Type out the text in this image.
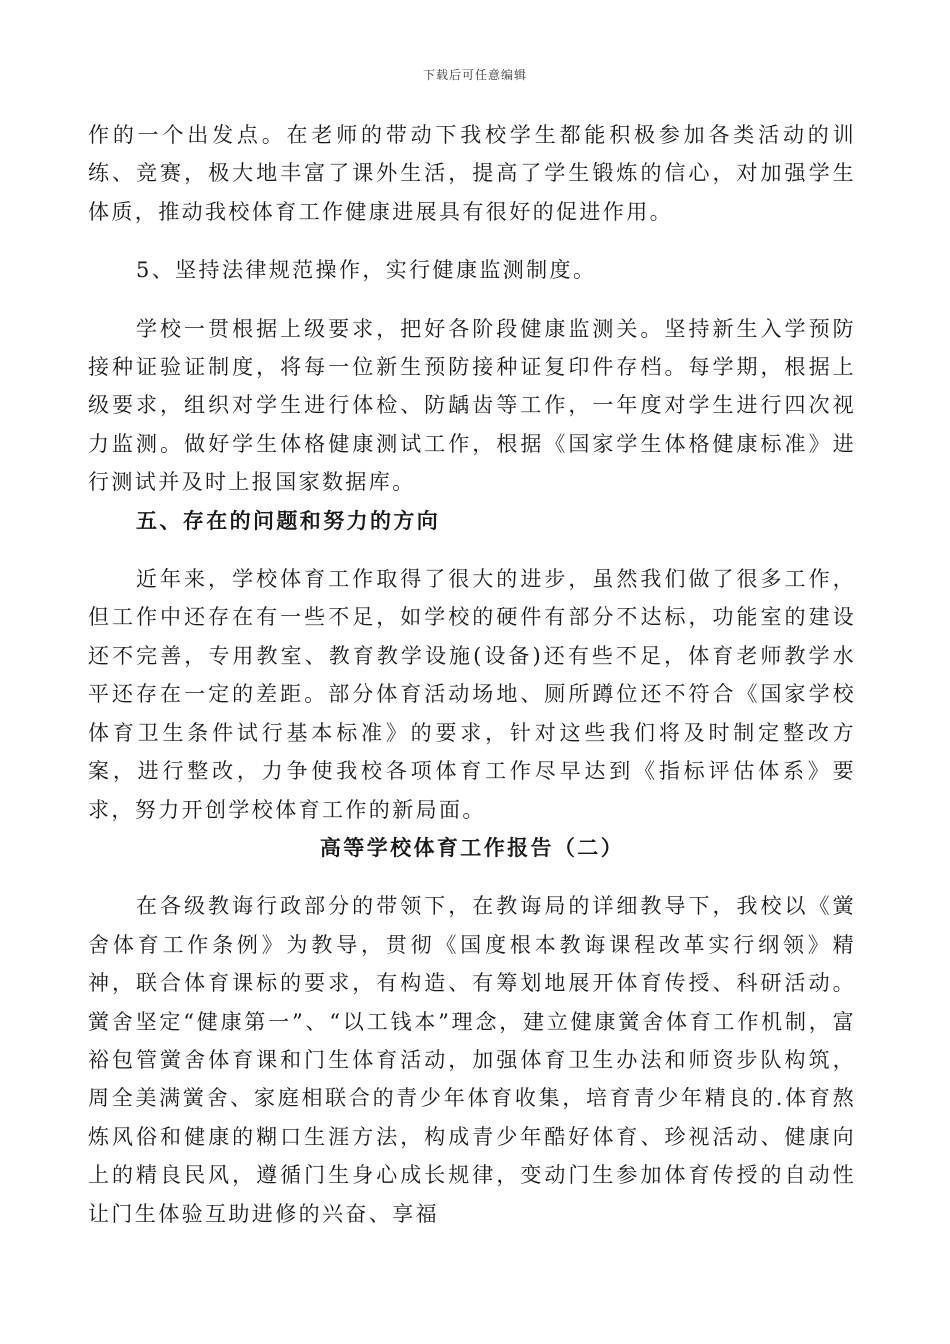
下载后可任意编辑

作的一个出发点。在老师的带动下我校学生都能积极参加各类活动的训练、竞赛，极大地丰富了课外生活，提高了学生锻炼的信心，对加强学生体质，推动我校体育工作健康进展具有很好的促进作用。

5、坚持法律规范操作，实行健康监测制度。

学校一贯根据上级要求，把好各阶段健康监测关。坚持新生入学预防接种证验证制度，将每一位新生预防接种证复印件存档。每学期，根据上级要求，组织对学生进行体检、防龋齿等工作，一年度对学生进行四次视力监测。做好学生体格健康测试工作，根据《国家学生体格健康标准》进行测试并及时上报国家数据库。

五、存在的问题和努力的方向

近年来，学校体育工作取得了很大的进步，虽然我们做了很多工作，但工作中还存在有一些不足，如学校的硬件有部分不达标，功能室的建设还不完善，专用教室、教育教学设施(设备)还有些不足，体育老师教学水平还存在一定的差距。部分体育活动场地、厕所蹲位还不符合《国家学校体育卫生条件试行基本标准》的要求，针对这些我们将及时制定整改方案，进行整改，力争使我校各项体育工作尽早达到《指标评估体系》要求，努力开创学校体育工作的新局面。

高等学校体育工作报告（二）

在各级教诲行政部分的带领下，在教诲局的详细教导下，我校以《黉舍体育工作条例》为教导，贯彻《国度根本教诲课程改革实行纲领》精神，联合体育课标的要求，有构造、有筹划地展开体育传授、科研活动。黉舍坚定“健康第一”、“以工钱本”理念，建立健康黉舍体育工作机制，富裕包管黉舍体育课和门生体育活动，加强体育卫生办法和师资步队构筑，周全美满黉舍、家庭相联合的青少年体育收集，培育青少年精良的.体育熬炼风俗和健康的糊口生涯方法，构成青少年酷好体育、珍视活动、健康向上的精良民风，遵循门生身心成长规律，变动门生参加体育传授的自动性让门生体验互助进修的兴奋、享福
